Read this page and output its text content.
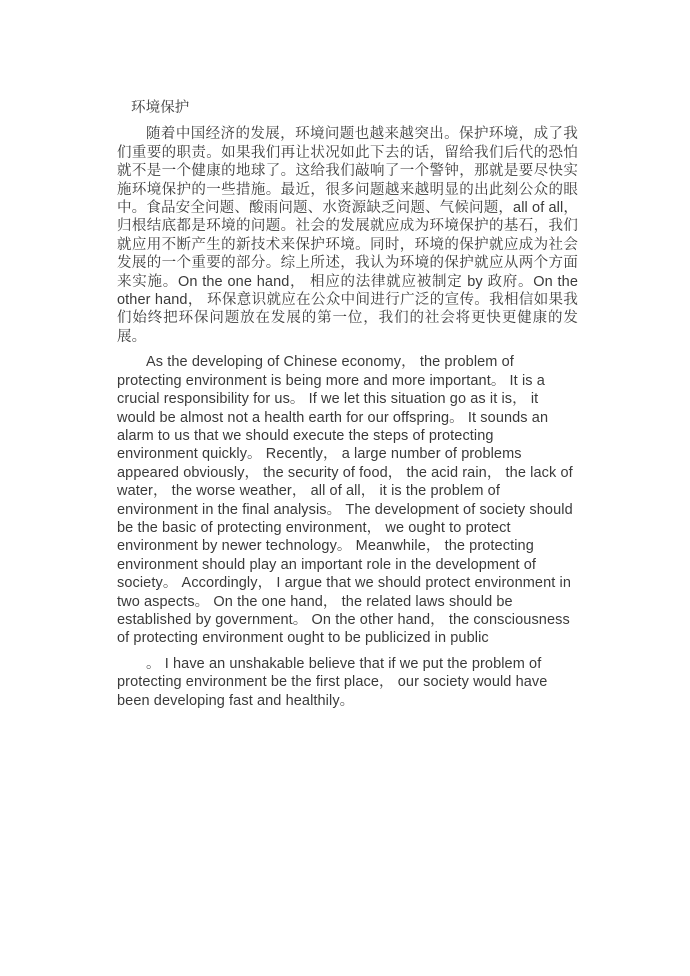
环境保护

随着中国经济的发展，环境问题也越来越突出。保护环境，成了我们重要的职责。如果我们再让状况如此下去的话，留给我们后代的恐怕就不是一个健康的地球了。这给我们敲响了一个警钟，那就是要尽快实施环境保护的一些措施。最近，很多问题越来越明显的出此刻公众的眼中。食品安全问题、酸雨问题、水资源缺乏问题、气候问题，all of all，归根结底都是环境的问题。社会的发展就应成为环境保护的基石，我们就应用不断产生的新技术来保护环境。同时，环境的保护就应成为社会发展的一个重要的部分。综上所述，我认为环境的保护就应从两个方面来实施。On the one hand， 相应的法律就应被制定 by 政府。On the other hand， 环保意识就应在公众中间进行广泛的宣传。我相信如果我们始终把环保问题放在发展的第一位，我们的社会将更快更健康的发展。

As the developing of Chinese economy， the problem of protecting environment is being more and more important。 It is a crucial responsibility for us。 If we let this situation go as it is， it would be almost not a health earth for our offspring。 It sounds an alarm to us that we should execute the steps of protecting environment quickly。 Recently， a large number of problems appeared obviously， the security of food， the acid rain， the lack of water， the worse weather， all of all， it is the problem of environment in the final analysis。 The development of society should be the basic of protecting environment， we ought to protect environment by newer technology。 Meanwhile， the protecting environment should play an important role in the development of society。 Accordingly， I argue that we should protect environment in two aspects。 On the one hand， the related laws should be established by government。 On the other hand， the consciousness of protecting environment ought to be publicized in public

。 I have an unshakable believe that if we put the problem of protecting environment be the first place， our society would have been developing fast and healthily。
